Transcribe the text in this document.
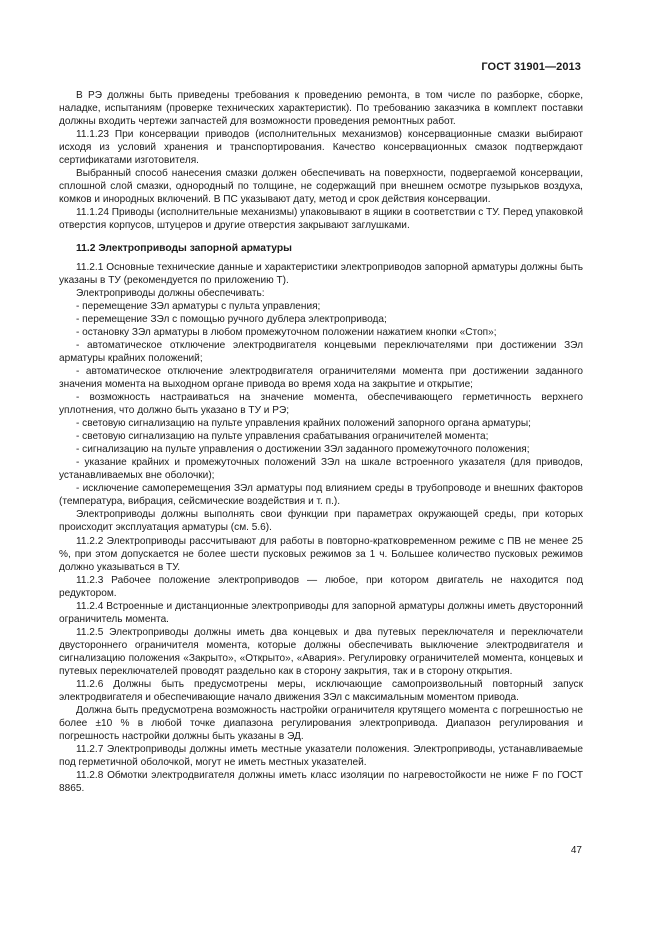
ГОСТ 31901—2013

В РЭ должны быть приведены требования к проведению ремонта, в том числе по разборке, сборке, наладке, испытаниям (проверке технических характеристик). По требованию заказчика в комплект поставки должны входить чертежи запчастей для возможности проведения ремонтных работ.

11.1.23 При консервации приводов (исполнительных механизмов) консервационные смазки выбирают исходя из условий хранения и транспортирования. Качество консервационных смазок подтверждают сертификатами изготовителя.

Выбранный способ нанесения смазки должен обеспечивать на поверхности, подвергаемой консервации, сплошной слой смазки, однородный по толщине, не содержащий при внешнем осмотре пузырьков воздуха, комков и инородных включений. В ПС указывают дату, метод и срок действия консервации.

11.1.24 Приводы (исполнительные механизмы) упаковывают в ящики в соответствии с ТУ. Перед упаковкой отверстия корпусов, штуцеров и другие отверстия закрывают заглушками.

11.2 Электроприводы запорной арматуры

11.2.1 Основные технические данные и характеристики электроприводов запорной арматуры должны быть указаны в ТУ (рекомендуется по приложению Т).

Электроприводы должны обеспечивать:

- перемещение ЗЭл арматуры с пульта управления;

- перемещение ЗЭл с помощью ручного дублера электропривода;

- остановку ЗЭл арматуры в любом промежуточном положении нажатием кнопки «Стоп»;

- автоматическое отключение электродвигателя концевыми переключателями при достижении ЗЭл арматуры крайних положений;

- автоматическое отключение электродвигателя ограничителями момента при достижении заданного значения момента на выходном органе привода во время хода на закрытие и открытие;

- возможность настраиваться на значение момента, обеспечивающего герметичность верхнего уплотнения, что должно быть указано в ТУ и РЭ;

- световую сигнализацию на пульте управления крайних положений запорного органа арматуры;

- световую сигнализацию на пульте управления срабатывания ограничителей момента;

- сигнализацию на пульте управления о достижении ЗЭл заданного промежуточного положения;

- указание крайних и промежуточных положений ЗЭл на шкале встроенного указателя (для приводов, устанавливаемых вне оболочки);

- исключение самоперемещения ЗЭл арматуры под влиянием среды в трубопроводе и внешних факторов (температура, вибрация, сейсмические воздействия и т. п.).

Электроприводы должны выполнять свои функции при параметрах окружающей среды, при которых происходит эксплуатация арматуры (см. 5.6).

11.2.2 Электроприводы рассчитывают для работы в повторно-кратковременном режиме с ПВ не менее 25 %, при этом допускается не более шести пусковых режимов за 1 ч. Большее количество пусковых режимов должно указываться в ТУ.

11.2.3 Рабочее положение электроприводов — любое, при котором двигатель не находится под редуктором.

11.2.4 Встроенные и дистанционные электроприводы для запорной арматуры должны иметь двусторонний ограничитель момента.

11.2.5 Электроприводы должны иметь два концевых и два путевых переключателя и переключатели двустороннего ограничителя момента, которые должны обеспечивать выключение электродвигателя и сигнализацию положения «Закрыто», «Открыто», «Авария». Регулировку ограничителей момента, концевых и путевых переключателей проводят раздельно как в сторону закрытия, так и в сторону открытия.

11.2.6 Должны быть предусмотрены меры, исключающие самопроизвольный повторный запуск электродвигателя и обеспечивающие начало движения ЗЭл с максимальным моментом привода.

Должна быть предусмотрена возможность настройки ограничителя крутящего момента с погрешностью не более ±10 % в любой точке диапазона регулирования электропривода. Диапазон регулирования и погрешность настройки должны быть указаны в ЭД.

11.2.7 Электроприводы должны иметь местные указатели положения. Электроприводы, устанавливаемые под герметичной оболочкой, могут не иметь местных указателей.

11.2.8 Обмотки электродвигателя должны иметь класс изоляции по нагревостойкости не ниже F по ГОСТ 8865.

47
